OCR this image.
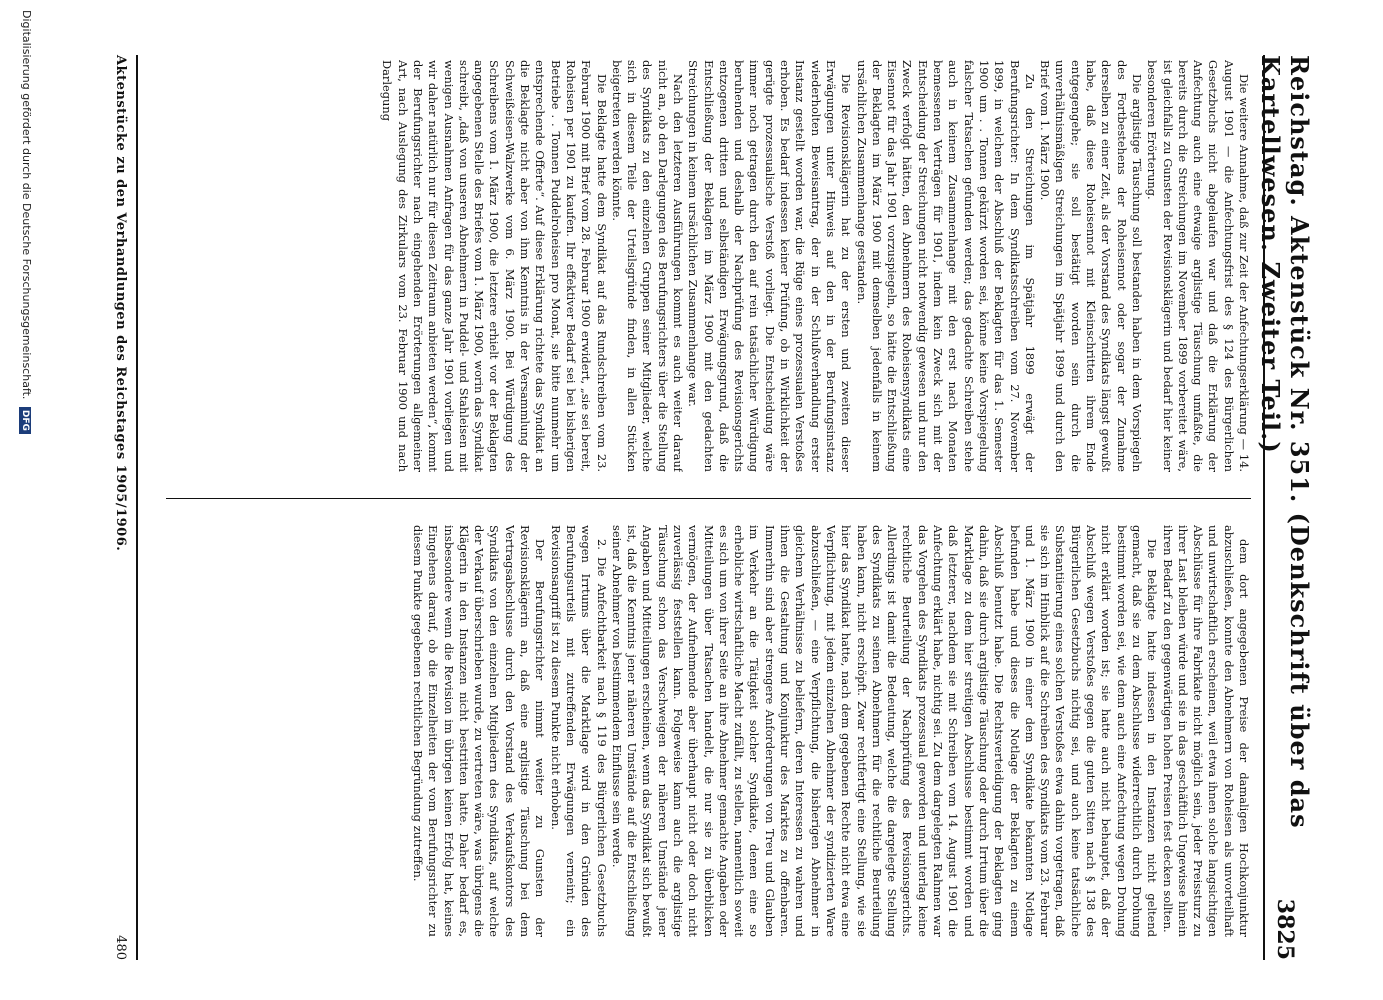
Reichstag. Aktenstück Nr. 351. (Denkschrift über das Kartellwesen. Zweiter Teil.)
3825

Die weitere Annahme, daß zur Zeit der Anfechtungserklärung — 14. August 1901 — die Anfechtungsfrist des § 124 des Bürgerlichen Gesetzbuchs nicht abgelaufen war und daß die Erklärung der Anfechtung auch eine etwaige arglistige Täuschung umfaßte, die bereits durch die Streichungen im November 1899 vorbereitet wäre, ist gleichfalls zu Gunsten der Revisionsklägerin und bedarf hier keiner besonderen Erörterung.

Die arglistige Täuschung soll bestanden haben in dem Vorspiegeln des Fortbestehens der Roheisennot oder sogar der Zunahme derselben zu einer Zeit, als der Vorstand des Syndikats längst gewußt habe, daß diese Roheisennot mit Kleinschritten ihrem Ende entgegengehe; sie soll bestätigt worden sein durch die unverhältnismäßigen Streichungen im Spätjahr 1899 und durch den Brief vom 1. März 1900.

Zu den Streichungen im Spätjahr 1899 erwägt der Berufungsrichter: In dem Syndikatsschreiben vom 27. November 1899, in welchem der Abschluß der Beklagten für das 1. Semester 1900 um . . Tonnen gekürzt worden sei, könne keine Vorspiegelung falscher Tatsachen gefunden werden; das gedachte Schreiben stehe auch in keinem Zusammenhange mit den erst nach Monaten bemessenen Verträgen für 1901, indem kein Zweck sich mit der Entscheidung der Streichungen nicht notwendig gewesen und nur den Zweck verfolgt hätten, den Abnehmern des Roheisensyndikats eine Eisennot für das Jahr 1901 vorzuspiegeln, so hätte die Entschließung der Beklagten im März 1900 mit demselben jedenfalls in keinem ursächlichen Zusammenhange gestanden.

Die Revisionsklägerin hat zu der ersten und zweiten dieser Erwägungen unter Hinweis auf den in der Berufungsinstanz wiederholten Beweisantrag, der in der Schlußverhandlung erster Instanz gestellt worden war, die Rüge eines prozessualen Verstoßes erhoben. Es bedarf indessen keiner Prüfung, ob in Wirklichkeit der gerügte prozessualische Verstoß vorliegt. Die Entscheidung wäre immer noch getragen durch den auf rein tatsächlicher Würdigung beruhenden und deshalb der Nachprüfung des Revisionsgerichts entzogenen dritten und selbständigen Erwägungsgrund, daß die Entschließung der Beklagten im März 1900 mit den gedachten Streichungen in keinem ursächlichen Zusammenhange war.

Nach den letzteren Ausführungen kommt es auch weiter darauf nicht an, ob den Darlegungen des Berufungsrichters über die Stellung des Syndikats zu den einzelnen Gruppen seiner Mitglieder, welche sich in diesem Teile der Urteilsgründe finden, in allen Stücken beigetreten werden könnte.

Die Beklagte hatte dem Syndikat auf das Rundschreiben vom 23. Februar 1900 mit Brief vom 28. Februar 1900 erwidert, „sie sei bereit, Roheisen per 1901 zu kaufen. Ihr effektiver Bedarf sei bei bisherigen Betriebe . . Tonnen Puddelroheisen pro Monat, sie bitte nunmehr um entsprechende Offerte“. Auf diese Erklärung richtete das Syndikat an die Beklagte nicht aber von ihm Kenntnis in der Versammlung der Schweißeisen-Walzwerke vom 6. März 1900. Bei Würdigung des Schreibens vom 1. März 1900, die letztere erhielt vor der Beklagten angegebenen Stelle des Briefes vom 1. März 1900, worin das Syndikat schreibt, „daß von unseren Abnehmern in Puddel- und Stahleisen mit wenigen Ausnahmen Anfragen für das ganze Jahr 1901 vorliegen und wir daher natürlich nur für diesen Zeitraum anbieten werden“, kommt der Berufungsrichter nach eingehenden Erörterungen allgemeiner Art, nach Auslegung des Zirkulars vom 23. Februar 1900 und nach Darlegung

dem dort angegebenen Preise der damaligen Hochkonjunktur abzuschließen, konnte den Abnehmern von Roheisen als unvorteilhaft und unwirtschaftlich erscheinen, weil etwa ihnen solche langsichtigen Abschlüsse für ihre Fabrikate nicht möglich sein, jeder Preissturz zu ihrer Last bleiben würde und sie in das geschäftlich Ungewisse hinein ihren Bedarf zu den gegenwärtigen hohen Preisen fest decken sollten.

Die Beklagte hatte indessen in den Instanzen nicht geltend gemacht, daß sie zu dem Abschlusse widerrechtlich durch Drohung bestimmt worden sei, wie denn auch eine Anfechtung wegen Drohung nicht erklärt worden ist; sie hatte auch nicht behauptet, daß der Abschluß wegen Verstoßes gegen die guten Sitten nach § 138 des Bürgerlichen Gesetzbuchs nichtig sei, und auch keine tatsächliche Substantiierung eines solchen Verstoßes etwa dahin vorgetragen, daß sie sich im Hinblick auf die Schreiben des Syndikats vom 23. Februar und 1. März 1900 in einer dem Syndikate bekannten Notlage befunden habe und dieses die Notlage der Beklagten zu einem Abschluß benutzt habe. Die Rechtsverteidigung der Beklagten ging dahin, daß sie durch arglistige Täuschung oder durch Irrtum über die Marktlage zu dem hier streitigen Abschlusse bestimmt worden und daß letzterer, nachdem sie mit Schreiben vom 14. August 1901 die Anfechtung erklärt habe, nichtig sei. Zu dem dargelegten Rahmen war das Vorgehen des Syndikats prozessual geworden und unterlag keine rechtliche Beurteilung der Nachprüfung des Revisionsgerichts. Allerdings ist damit die Bedeutung, welche die dargelegte Stellung des Syndikats zu seinen Abnehmern für die rechtliche Beurteilung haben kann, nicht erschöpft. Zwar rechtfertigt eine Stellung, wie sie hier das Syndikat hatte, nach dem gegebenen Rechte nicht etwa eine Verpflichtung, mit jedem einzelnen Abnehmer der syndizierten Ware abzuschließen, — eine Verpflichtung, die bisherigen Abnehmer in gleichem Verhältnisse zu beliefern, deren Interessen zu wahren und ihnen die Gestaltung und Konjunktur des Marktes zu offenbaren. Immerhin sind aber strengere Anforderungen von Treu und Glauben im Verkehr an die Tätigkeit solcher Syndikate, denen eine so erhebliche wirtschaftliche Macht zufällt, zu stellen, namentlich soweit es sich um von ihrer Seite an ihre Abnehmer gemachte Angaben oder Mitteilungen über Tatsachen handelt, die nur sie zu überblicken vermögen, der Aufnehmende aber überhaupt nicht oder doch nicht zuverlässig feststellen kann. Folgeweise kann auch die arglistige Täuschung schon das Verschweigen der näheren Umstände jener Angaben und Mitteilungen erscheinen, wenn das Syndikat sich bewußt ist, daß die Kenntnis jener näheren Umstände auf die Entschließung seiner Abnehmer von bestimmendem Einflusse sein werde.

2. Die Anfechtbarkeit nach § 119 des Bürgerlichen Gesetzbuchs wegen Irrtums über die Marktlage wird in den Gründen des Berufungsurteils mit zutreffenden Erwägungen verneint; ein Revisionsangriff ist zu diesem Punkte nicht erhoben.

Der Berufungsrichter nimmt weiter zu Gunsten der Revisionsklägerin an, daß eine arglistige Täuschung bei dem Vertragsabschlusse durch den Vorstand des Verkaufskontors des Syndikats von den einzelnen Mitgliedern des Syndikats, auf welche der Verkauf überschrieben wurde, zu vertreten wäre, was übrigens die Klägerin in den Instanzen nicht bestritten hatte. Daher bedarf es, insbesondere wenn die Revision im übrigen keinen Erfolg hat, keines Eingehens darauf, ob die Einzelheiten der vom Berufungsrichter zu diesem Punkte gegebenen rechtlichen Begründung zutreffen.

Aktenstücke zu den Verhandlungen des Reichstages 1905/1906.
480
Digitalisierung gefördert durch die Deutsche Forschungsgemeinschaft. DFG
